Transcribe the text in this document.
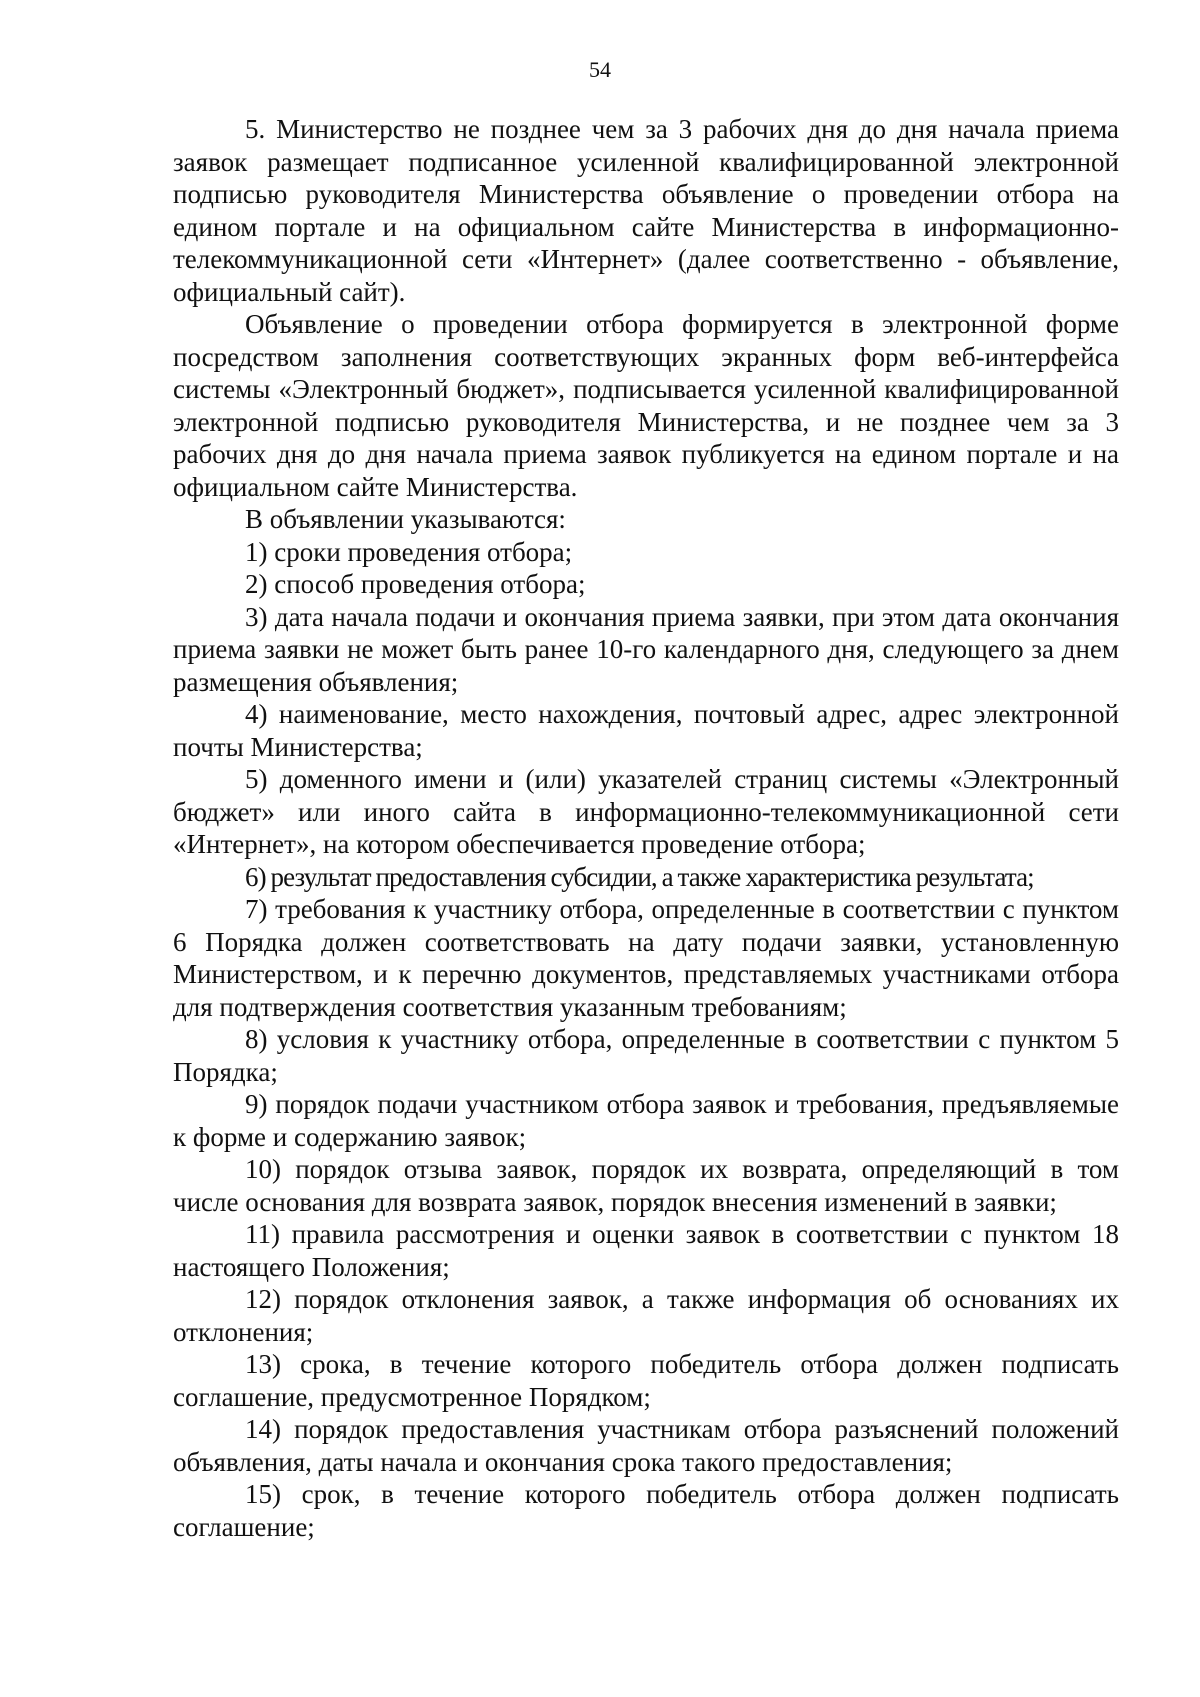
54

5. Министерство не позднее чем за 3 рабочих дня до дня начала приема заявок размещает подписанное усиленной квалифицированной электронной подписью руководителя Министерства объявление о проведении отбора на едином портале и на официальном сайте Министерства в информационно-телекоммуникационной сети «Интернет» (далее соответственно - объявление, официальный сайт).

Объявление о проведении отбора формируется в электронной форме посредством заполнения соответствующих экранных форм веб-интерфейса системы «Электронный бюджет», подписывается усиленной квалифицированной электронной подписью руководителя Министерства, и не позднее чем за 3 рабочих дня до дня начала приема заявок публикуется на едином портале и на официальном сайте Министерства.

В объявлении указываются:

1) сроки проведения отбора;

2) способ проведения отбора;

3) дата начала подачи и окончания приема заявки, при этом дата окончания приема заявки не может быть ранее 10-го календарного дня, следующего за днем размещения объявления;

4) наименование, место нахождения, почтовый адрес, адрес электронной почты Министерства;

5) доменного имени и (или) указателей страниц системы «Электронный бюджет» или иного сайта в информационно-телекоммуникационной сети «Интернет», на котором обеспечивается проведение отбора;

6) результат предоставления субсидии, а также характеристика результата;

7) требования к участнику отбора, определенные в соответствии с пунктом 6 Порядка должен соответствовать на дату подачи заявки, установленную Министерством, и к перечню документов, представляемых участниками отбора для подтверждения соответствия указанным требованиям;

8) условия к участнику отбора, определенные в соответствии с пунктом 5 Порядка;

9) порядок подачи участником отбора заявок и требования, предъявляемые к форме и содержанию заявок;

10) порядок отзыва заявок, порядок их возврата, определяющий в том числе основания для возврата заявок, порядок внесения изменений в заявки;

11) правила рассмотрения и оценки заявок в соответствии с пунктом 18 настоящего Положения;

12) порядок отклонения заявок, а также информация об основаниях их отклонения;

13) срока, в течение которого победитель отбора должен подписать соглашение, предусмотренное Порядком;

14) порядок предоставления участникам отбора разъяснений положений объявления, даты начала и окончания срока такого предоставления;

15) срок, в течение которого победитель отбора должен подписать соглашение;
